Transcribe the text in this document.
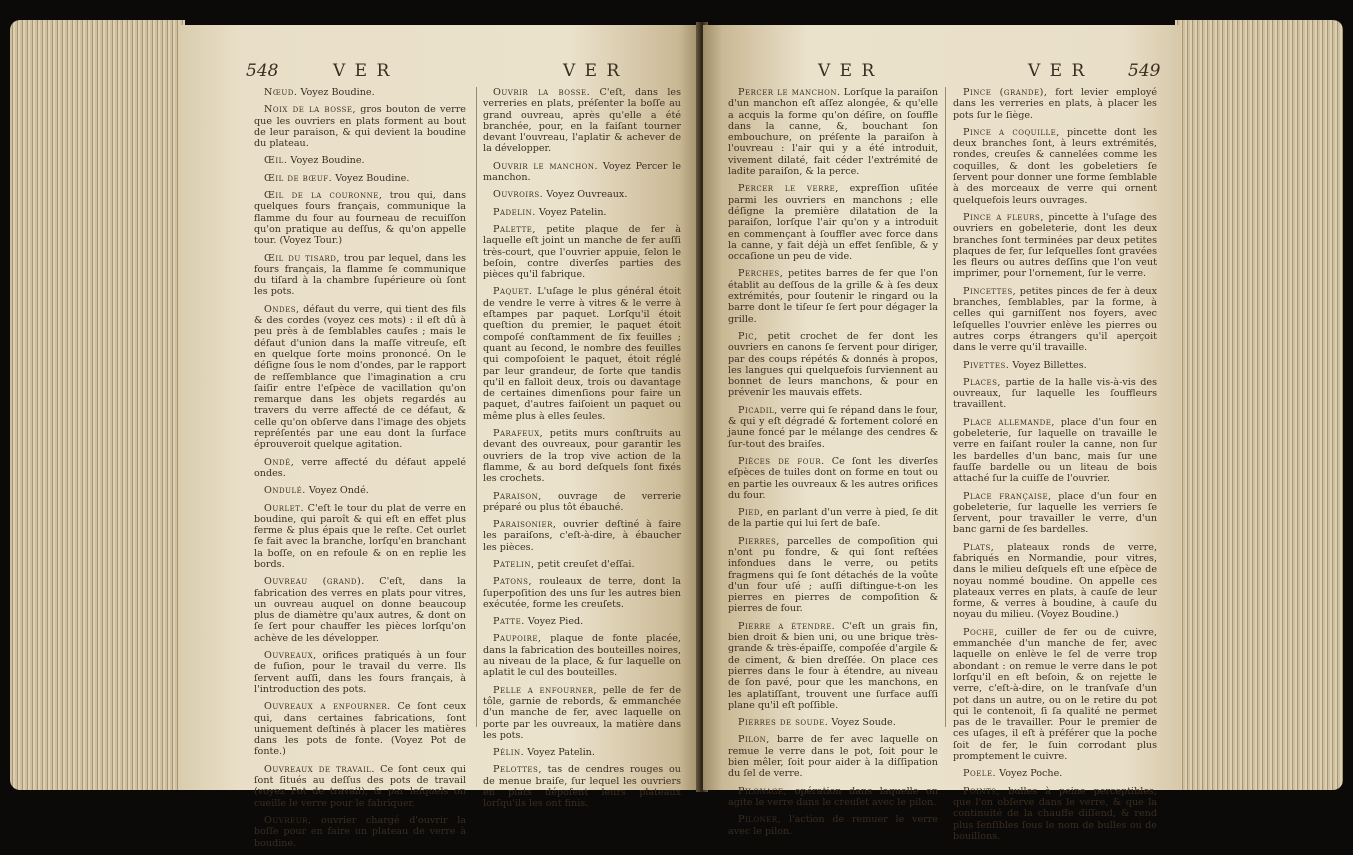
548	V E R	V E R

Nœud. Voyez Boudine.

Noix de la bosse, gros bouton de verre que les ouvriers en plats forment au bout de leur paraison, & qui devient la boudine du plateau.

Œil. Voyez Boudine.

Œil de bœuf. Voyez Boudine.

Œil de la couronne, trou qui, dans quelques fours français, communique la flamme du four au fourneau de recuiſſon qu'on pratique au deſſus, & qu'on appelle tour. (Voyez Tour.)

Œil du tisard, trou par lequel, dans les fours français, la flamme ſe communique du tiſard à la chambre ſupérieure où ſont les pots.

Ondes, défaut du verre, qui tient des fils & des cordes (voyez ces mots) : il eſt dû à peu près à de ſemblables cauſes ; mais le défaut d'union dans la maſſe vitreuſe, eſt en quelque ſorte moins prononcé. On le déſigne ſous le nom d'ondes, par le rapport de reſſemblance que l'imagination a cru ſaiſir entre l'eſpèce de vacillation qu'on remarque dans les objets regardés au travers du verre affecté de ce défaut, & celle qu'on obſerve dans l'image des objets repréſentés par une eau dont la ſurface éprouveroit quelque agitation.

Ondé, verre affecté du défaut appelé ondes.

Ondulé. Voyez Ondé.

Ourlet. C'eſt le tour du plat de verre en boudine, qui paroît & qui eſt en effet plus ferme & plus épais que le reſte. Cet ourlet ſe fait avec la branche, lorſqu'en branchant la boſſe, on en refoule & on en replie les bords.

Ouvreau (grand). C'eſt, dans la fabrication des verres en plats pour vitres, un ouvreau auquel on donne beaucoup plus de diamètre qu'aux autres, & dont on ſe ſert pour chauffer les pièces lorſqu'on achève de les développer.

Ouvreaux, orifices pratiqués à un four de fuſion, pour le travail du verre. Ils ſervent auſſi, dans les fours français, à l'introduction des pots.

Ouvreaux a enfourner. Ce ſont ceux qui, dans certaines fabrications, ſont uniquement deſtinés à placer les matières dans les pots de fonte. (Voyez Pot de fonte.)

Ouvreaux de travail. Ce ſont ceux qui ſont ſitués au deſſus des pots de travail (voyez Pot de travail), & par leſquels on cueille le verre pour le fabriquer.

Ouvreur, ouvrier chargé d'ouvrir la boſſe pour en faire un plateau de verre à boudine.

Ouvrir la bosse. C'eſt, dans les verreries en plats, préſenter la boſſe au grand ouvreau, après qu'elle a été branchée, pour, en la faiſant tourner devant l'ouvreau, l'aplatir & achever de la développer.

Ouvrir le manchon. Voyez Percer le manchon.

Ouvroirs. Voyez Ouvreaux.

Padelin. Voyez Patelin.

Palette, petite plaque de fer à laquelle eſt joint un manche de fer auſſi très-court, que l'ouvrier appuie, ſelon le beſoin, contre diverſes parties des pièces qu'il fabrique.

Paquet. L'uſage le plus général étoit de vendre le verre à vitres & le verre à eſtampes par paquet. Lorſqu'il étoit queſtion du premier, le paquet étoit compoſé conſtamment de ſix feuilles ; quant au ſecond, le nombre des feuilles qui compoſoient le paquet, étoit réglé par leur grandeur, de ſorte que tandis qu'il en falloit deux, trois ou davantage de certaines dimenſions pour faire un paquet, d'autres faiſoient un paquet ou même plus à elles ſeules.

Parafeux, petits murs conſtruits au devant des ouvreaux, pour garantir les ouvriers de la trop vive action de la flamme, & au bord deſquels ſont fixés les crochets.

Paraison, ouvrage de verrerie préparé ou plus tôt ébauché.

Paraisonier, ouvrier deſtiné à faire les paraiſons, c'eſt-à-dire, à ébaucher les pièces.

Patelin, petit creuſet d'eſſai.

Patons, rouleaux de terre, dont la ſuperpoſition des uns ſur les autres bien exécutée, forme les creuſets.

Patte. Voyez Pied.

Paupoire, plaque de fonte placée, dans la fabrication des bouteilles noires, au niveau de la place, & ſur laquelle on aplatit le cul des bouteilles.

Pelle a enfourner, pelle de fer de tôle, garnie de rebords, & emmanchée d'un manche de fer, avec laquelle on porte par les ouvreaux, la matière dans les pots.

Pélin. Voyez Patelin.

Pelottes, tas de cendres rouges ou de menue braiſe, ſur lequel les ouvriers en plats dépoſent leurs plateaux lorſqu'ils les ont finis.

V E R	V E R 549

Percer le manchon. Lorſque la paraiſon d'un manchon eſt aſſez alongée, & qu'elle a acquis la forme qu'on déſire, on ſouffle dans la canne, &, bouchant ſon embouchure, on préſente la paraiſon à l'ouvreau : l'air qui y a été introduit, vivement dilaté, fait céder l'extrémité de ladite paraiſon, & la perce.

Percer le verre, expreſſion uſitée parmi les ouvriers en manchons ; elle déſigne la première dilatation de la paraiſon, lorſque l'air qu'on y a introduit en commençant à ſouffler avec force dans la canne, y fait déjà un effet ſenſible, & y occaſione un peu de vide.

Perches, petites barres de fer que l'on établit au deſſous de la grille & à ſes deux extrémités, pour ſoutenir le ringard ou la barre dont le tiſeur ſe ſert pour dégager la grille.

Pic, petit crochet de fer dont les ouvriers en canons ſe ſervent pour diriger, par des coups répétés & donnés à propos, les langues qui quelquefois ſurviennent au bonnet de leurs manchons, & pour en prévenir les mauvais effets.

Picadil, verre qui ſe répand dans le four, & qui y eſt dégradé & fortement coloré en jaune foncé par le mélange des cendres & ſur-tout des braiſes.

Pièces de four. Ce ſont les diverſes eſpèces de tuiles dont on forme en tout ou en partie les ouvreaux & les autres orifices du four.

Pied, en parlant d'un verre à pied, ſe dit de la partie qui lui ſert de baſe.

Pierres, parcelles de compoſition qui n'ont pu fondre, & qui ſont reſtées infondues dans le verre, ou petits fragmens qui ſe ſont détachés de la voûte d'un four uſé ; auſſi diſtingue-t-on les pierres en pierres de compoſition & pierres de four.

Pierre a étendre. C'eſt un grais fin, bien droit & bien uni, ou une brique très-grande & très-épaiſſe, compoſée d'argile & de ciment, & bien dreſſée. On place ces pierres dans le four à étendre, au niveau de ſon pavé, pour que les manchons, en les aplatiſſant, trouvent une ſurface auſſi plane qu'il eſt poſſible.

Pierres de soude. Voyez Soude.

Pilon, barre de fer avec laquelle on remue le verre dans le pot, ſoit pour le bien mêler, ſoit pour aider à la diſſipation du ſel de verre.

Pilonage, opération dans laquelle on agite le verre dans le creuſet avec le pilon.

Piloner, l'action de remuer le verre avec le pilon.

Pince (grande), fort levier employé dans les verreries en plats, à placer les pots ſur le ſiège.

Pince a coquille, pincette dont les deux branches ſont, à leurs extrémités, rondes, creuſes & cannelées comme les coquilles, & dont les gobeletiers ſe ſervent pour donner une forme ſemblable à des morceaux de verre qui ornent quelquefois leurs ouvrages.

Pince a fleurs, pincette à l'uſage des ouvriers en gobeleterie, dont les deux branches ſont terminées par deux petites plaques de fer, ſur leſquelles ſont gravées les fleurs ou autres deſſins que l'on veut imprimer, pour l'ornement, ſur le verre.

Pincettes, petites pinces de fer à deux branches, ſemblables, par la forme, à celles qui garniſſent nos foyers, avec leſquelles l'ouvrier enlève les pierres ou autres corps étrangers qu'il aperçoit dans le verre qu'il travaille.

Pivettes. Voyez Billettes.

Places, partie de la halle vis-à-vis des ouvreaux, ſur laquelle les ſouffleurs travaillent.

Place allemande, place d'un four en gobeleterie, ſur laquelle on travaille le verre en faiſant rouler la canne, non ſur les bardelles d'un banc, mais ſur une fauſſe bardelle ou un liteau de bois attaché ſur la cuiſſe de l'ouvrier.

Place française, place d'un four en gobeleterie, ſur laquelle les verriers ſe ſervent, pour travailler le verre, d'un banc garni de ſes bardelles.

Plats, plateaux ronds de verre, fabriqués en Normandie, pour vitres, dans le milieu deſquels eſt une eſpèce de noyau nommé boudine. On appelle ces plateaux verres en plats, à cauſe de leur forme, & verres à boudine, à cauſe du noyau du milieu. (Voyez Boudine.)

Poche, cuiller de fer ou de cuivre, emmanchée d'un manche de fer, avec laquelle on enlève le ſel de verre trop abondant : on remue le verre dans le pot lorſqu'il en eſt beſoin, & on rejette le verre, c'eſt-à-dire, on le tranſvaſe d'un pot dans un autre, ou on le retire du pot qui le contenoit, ſi ſa qualité ne permet pas de le travailler. Pour le premier de ces uſages, il eſt à préférer que la poche ſoit de fer, le ſuin corrodant plus promptement le cuivre.

Poele. Voyez Poche.

Points, bulles à peine perceptibles, que l'on obſerve dans le verre, & que la continuité de la chauffe diſſend, & rend plus ſenſibles ſous le nom de bulles ou de bouillons.
